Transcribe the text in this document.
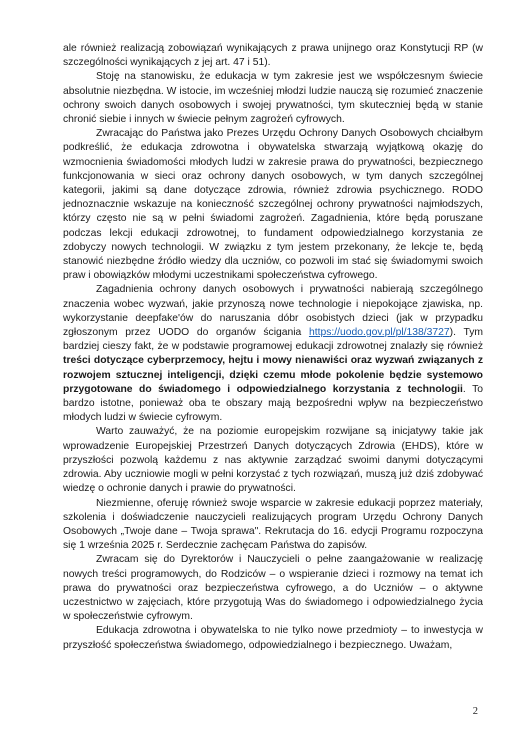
ale również realizacją zobowiązań wynikających z prawa unijnego oraz Konstytucji RP (w szczególności wynikających z jej art. 47 i 51).

Stoję na stanowisku, że edukacja w tym zakresie jest we współczesnym świecie absolutnie niezbędna. W istocie, im wcześniej młodzi ludzie nauczą się rozumieć znaczenie ochrony swoich danych osobowych i swojej prywatności, tym skuteczniej będą w stanie chronić siebie i innych w świecie pełnym zagrożeń cyfrowych.

Zwracając do Państwa jako Prezes Urzędu Ochrony Danych Osobowych chciałbym podkreślić, że edukacja zdrowotna i obywatelska stwarzają wyjątkową okazję do wzmocnienia świadomości młodych ludzi w zakresie prawa do prywatności, bezpiecznego funkcjonowania w sieci oraz ochrony danych osobowych, w tym danych szczególnej kategorii, jakimi są dane dotyczące zdrowia, również zdrowia psychicznego. RODO jednoznacznie wskazuje na konieczność szczególnej ochrony prywatności najmłodszych, którzy często nie są w pełni świadomi zagrożeń. Zagadnienia, które będą poruszane podczas lekcji edukacji zdrowotnej, to fundament odpowiedzialnego korzystania ze zdobyczy nowych technologii. W związku z tym jestem przekonany, że lekcje te, będą stanowić niezbędne źródło wiedzy dla uczniów, co pozwoli im stać się świadomymi swoich praw i obowiązków młodymi uczestnikami społeczeństwa cyfrowego.

Zagadnienia ochrony danych osobowych i prywatności nabierają szczególnego znaczenia wobec wyzwań, jakie przynoszą nowe technologie i niepokojące zjawiska, np. wykorzystanie deepfake'ów do naruszania dóbr osobistych dzieci (jak w przypadku zgłoszonym przez UODO do organów ścigania https://uodo.gov.pl/pl/138/3727). Tym bardziej cieszy fakt, że w podstawie programowej edukacji zdrowotnej znalazły się również treści dotyczące cyberprzemocy, hejtu i mowy nienawiści oraz wyzwań związanych z rozwojem sztucznej inteligencji, dzięki czemu młode pokolenie będzie systemowo przygotowane do świadomego i odpowiedzialnego korzystania z technologii. To bardzo istotne, ponieważ oba te obszary mają bezpośredni wpływ na bezpieczeństwo młodych ludzi w świecie cyfrowym.

Warto zauważyć, że na poziomie europejskim rozwijane są inicjatywy takie jak wprowadzenie Europejskiej Przestrzeń Danych dotyczących Zdrowia (EHDS), które w przyszłości pozwolą każdemu z nas aktywnie zarządzać swoimi danymi dotyczącymi zdrowia. Aby uczniowie mogli w pełni korzystać z tych rozwiązań, muszą już dziś zdobywać wiedzę o ochronie danych i prawie do prywatności.

Niezmienne, oferuję również swoje wsparcie w zakresie edukacji poprzez materiały, szkolenia i doświadczenie nauczycieli realizujących program Urzędu Ochrony Danych Osobowych „Twoje dane – Twoja sprawa". Rekrutacja do 16. edycji Programu rozpoczyna się 1 września 2025 r. Serdecznie zachęcam Państwa do zapisów.

Zwracam się do Dyrektorów i Nauczycieli o pełne zaangażowanie w realizację nowych treści programowych, do Rodziców – o wspieranie dzieci i rozmowy na temat ich prawa do prywatności oraz bezpieczeństwa cyfrowego, a do Uczniów – o aktywne uczestnictwo w zajęciach, które przygotują Was do świadomego i odpowiedzialnego życia w społeczeństwie cyfrowym.

Edukacja zdrowotna i obywatelska to nie tylko nowe przedmioty – to inwestycja w przyszłość społeczeństwa świadomego, odpowiedzialnego i bezpiecznego. Uważam,

2
